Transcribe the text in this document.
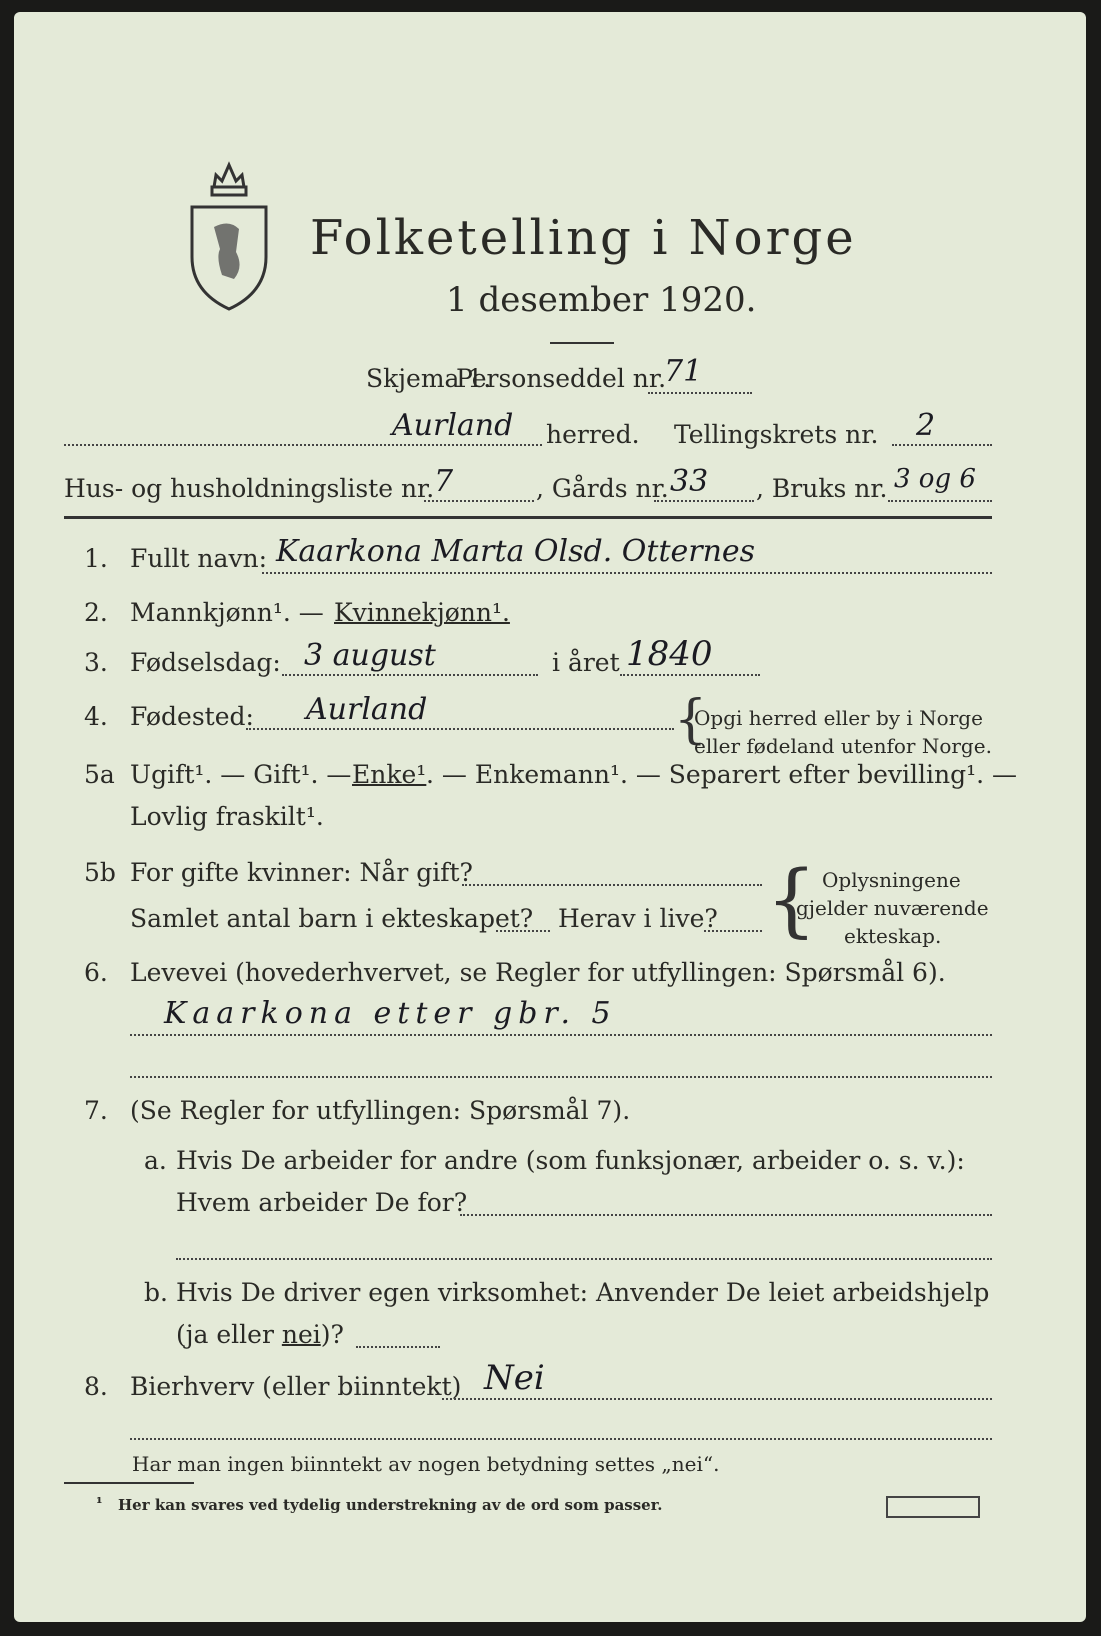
Folketelling i Norge
1 desember 1920.
Skjema 1.
Personseddel nr.
71
Aurland herred. Tellingskrets nr. 2
Hus- og husholdningsliste nr. 7	, Gårds nr. 33 , Bruks nr. 3 og 6
1. Fullt navn: Kaarkona Marta Olsd. Otternes
2. Mannkjønn¹. — Kvinnekjønn¹.
3. Fødselsdag: 3 august	i året 1840
4. Fødested: Aurland	{
Opgi herred eller by i Norge
eller fødeland utenfor Norge.
5a Ugift¹. — Gift¹. — Enke¹ . — Enkemann¹. — Separert efter bevilling¹. —
Lovlig fraskilt¹.
5b For gifte kvinner: Når gift?
Samlet antal barn i ekteskapet? Herav i live? { Oplysningene
gjelder nuværende
ekteskap.
6. Levevei (hovederhvervet, se Regler for utfyllingen: Spørsmål 6).
Kaarkona etter gbr. 5
7. (Se Regler for utfyllingen: Spørsmål 7).
a. Hvis De arbeider for andre (som funksjonær, arbeider o. s. v.):
Hvem arbeider De for?
b. Hvis De driver egen virksomhet: Anvender De leiet arbeidshjelp
(ja eller nei)?
8. Bierhverv (eller biinntekt) Nei
Har man ingen biinntekt av nogen betydning settes „nei“.
¹ Her kan svares ved tydelig understrekning av de ord som passer.
